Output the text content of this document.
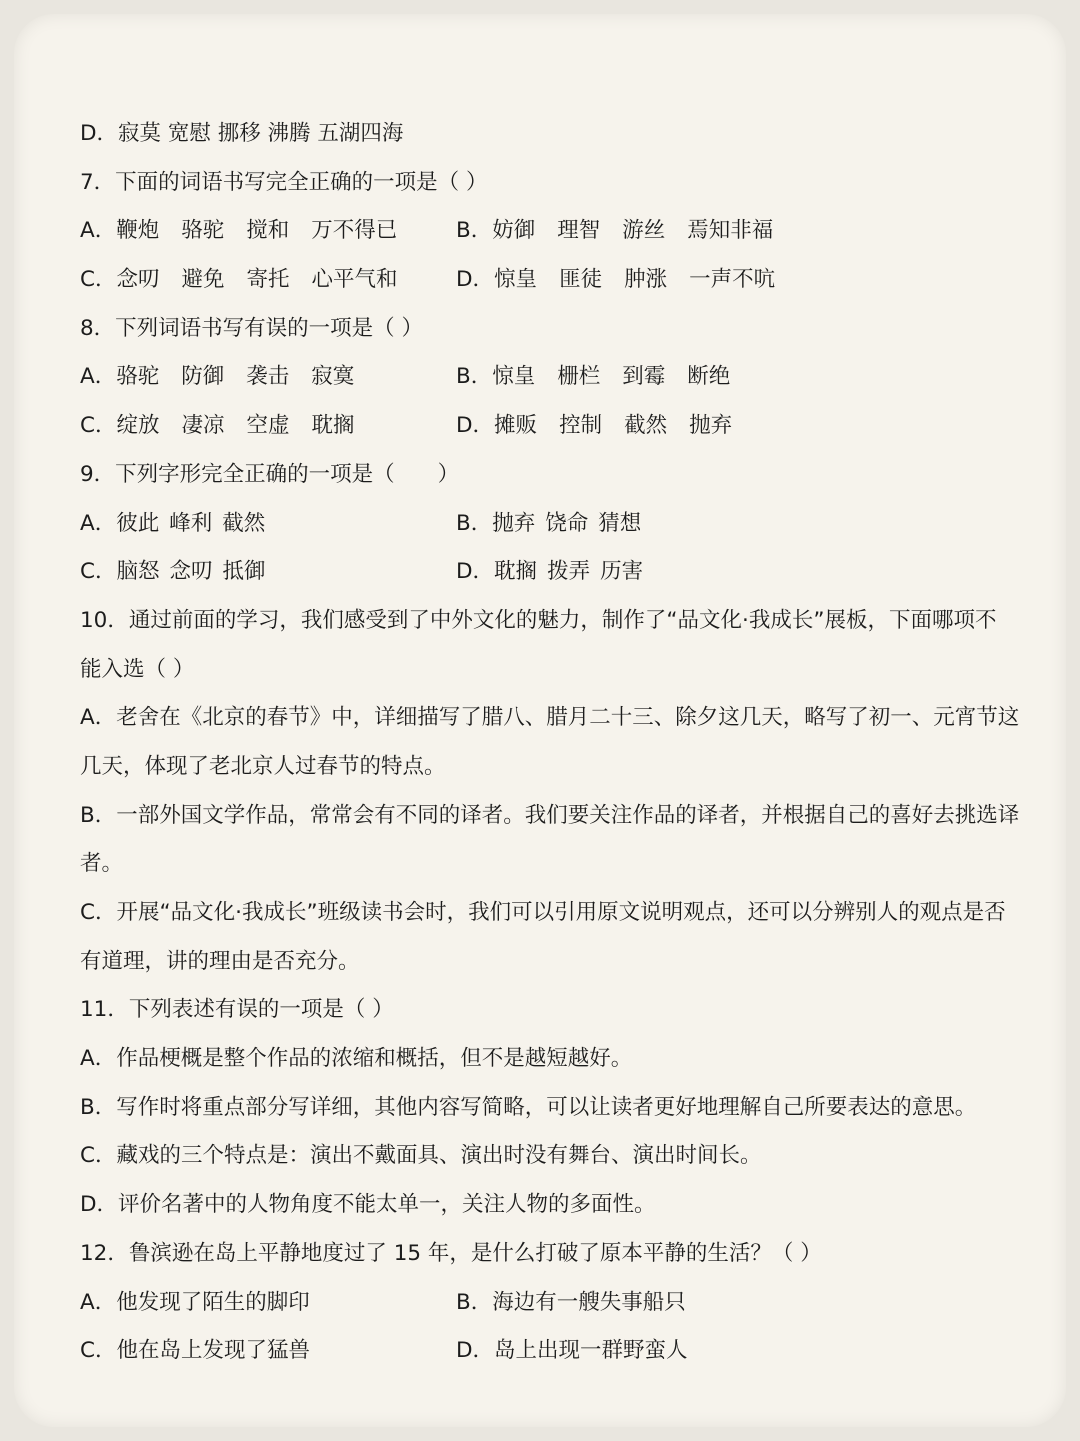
D．寂莫 宽慰 挪移 沸腾 五湖四海
7．下面的词语书写完全正确的一项是（ ）
A．鞭炮 骆驼 搅和 万不得已	B．妨御 理智 游丝 焉知非福
C．念叨 避免 寄托 心平气和	D．惊皇 匪徒 肿涨 一声不吭
8．下列词语书写有误的一项是（ ）
A．骆驼 防御 袭击 寂寞	B．惊皇 栅栏 到霉 断绝
C．绽放 凄凉 空虚 耽搁	D．摊贩 控制 截然 抛弃
9．下列字形完全正确的一项是（　　）
A．彼此 峰利 截然	B．抛弃 饶命 猜想
C．脑怒 念叨 抵御	D．耽搁 拨弄 历害
10．通过前面的学习，我们感受到了中外文化的魅力，制作了“品文化·我成长”展板，下面哪项不
能入选（ ）
A．老舍在《北京的春节》中，详细描写了腊八、腊月二十三、除夕这几天，略写了初一、元宵节这
几天，体现了老北京人过春节的特点。
B．一部外国文学作品，常常会有不同的译者。我们要关注作品的译者，并根据自己的喜好去挑选译
者。
C．开展“品文化·我成长”班级读书会时，我们可以引用原文说明观点，还可以分辨别人的观点是否
有道理，讲的理由是否充分。
11．下列表述有误的一项是（ ）
A．作品梗概是整个作品的浓缩和概括，但不是越短越好。
B．写作时将重点部分写详细，其他内容写简略，可以让读者更好地理解自己所要表达的意思。
C．藏戏的三个特点是：演出不戴面具、演出时没有舞台、演出时间长。
D．评价名著中的人物角度不能太单一，关注人物的多面性。
12．鲁滨逊在岛上平静地度过了 15 年，是什么打破了原本平静的生活？（ ）
A．他发现了陌生的脚印	B．海边有一艘失事船只
C．他在岛上发现了猛兽	D．岛上出现一群野蛮人
